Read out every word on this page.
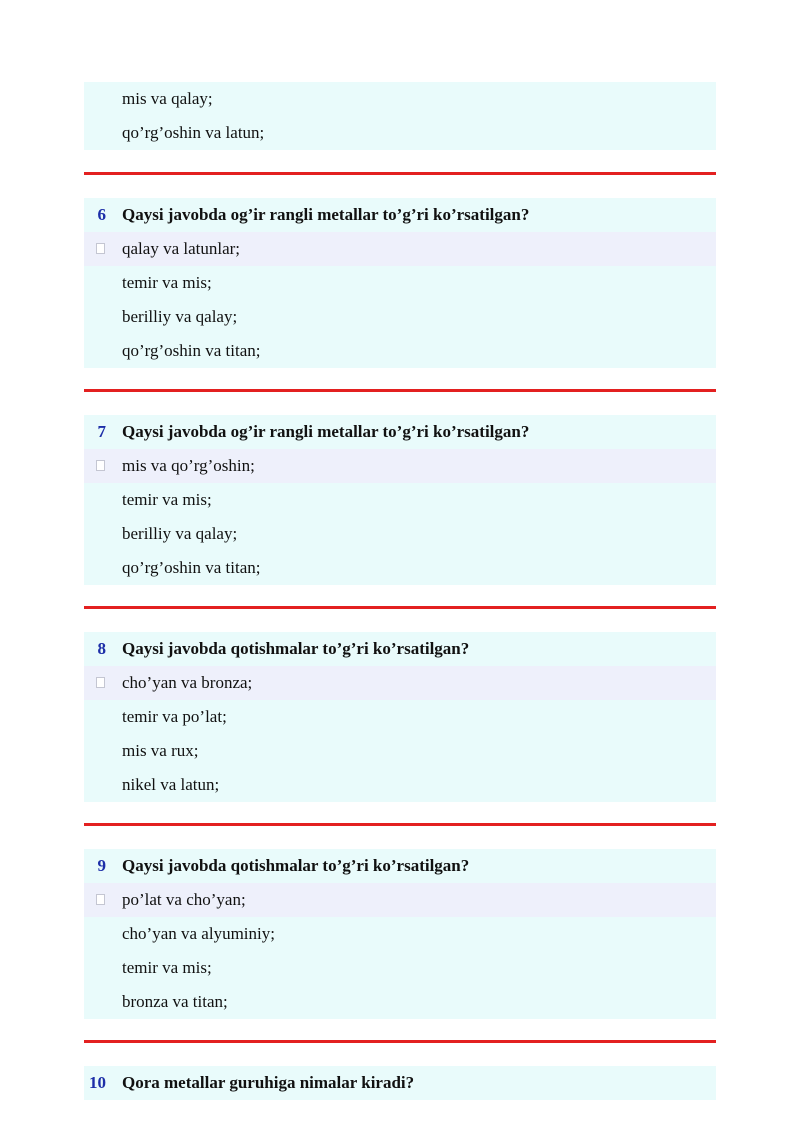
mis va qalay;
qo’rg’oshin va latun;
6 Qaysi javobda og’ir rangli metallar to’g’ri ko’rsatilgan?
qalay va latunlar;
temir va mis;
berilliy va qalay;
qo’rg’oshin va titan;
7 Qaysi javobda og’ir rangli metallar to’g’ri ko’rsatilgan?
mis va qo’rg’oshin;
temir va mis;
berilliy va qalay;
qo’rg’oshin va titan;
8 Qaysi javobda qotishmalar to’g’ri ko’rsatilgan?
cho’yan va bronza;
temir va po’lat;
mis va rux;
nikel va latun;
9 Qaysi javobda qotishmalar to’g’ri ko’rsatilgan?
po’lat va cho’yan;
cho’yan va alyuminiy;
temir va mis;
bronza va titan;
10 Qora metallar guruhiga nimalar kiradi?
